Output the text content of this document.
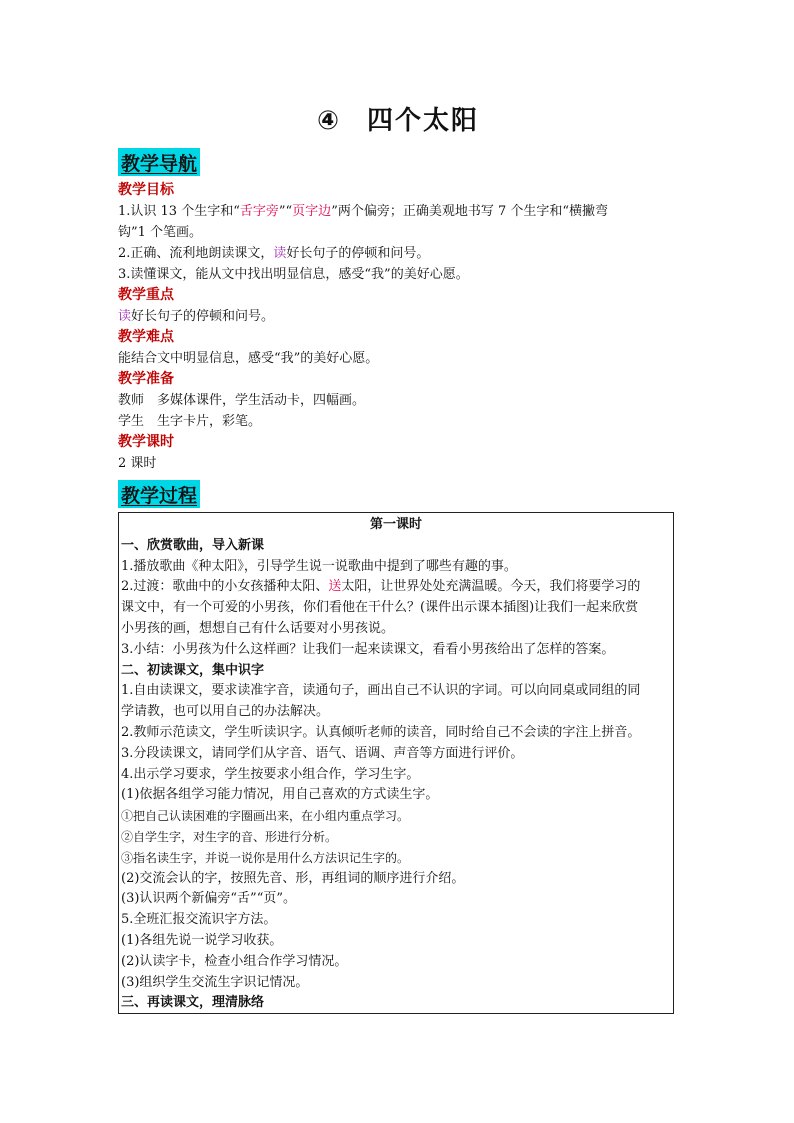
④ 四个太阳
教学导航

教学目标

1.认识 13 个生字和“舌字旁”“页字边”两个偏旁；正确美观地书写 7 个生字和“横撇弯

钩”1 个笔画。

2.正确、流利地朗读课文，读好长句子的停顿和问号。

3.读懂课文，能从文中找出明显信息，感受“我”的美好心愿。

教学重点

读好长句子的停顿和问号。

教学难点

能结合文中明显信息，感受“我”的美好心愿。

教学准备

教师　多媒体课件，学生活动卡，四幅画。

学生　生字卡片，彩笔。

教学课时

2 课时

教学过程

第一课时

一、欣赏歌曲，导入新课

1.播放歌曲《种太阳》，引导学生说一说歌曲中提到了哪些有趣的事。

2.过渡：歌曲中的小女孩播种太阳、送太阳，让世界处处充满温暖。今天，我们将要学习的

课文中，有一个可爱的小男孩，你们看他在干什么？(课件出示课本插图)让我们一起来欣赏

小男孩的画，想想自己有什么话要对小男孩说。

3.小结：小男孩为什么这样画？让我们一起来读课文，看看小男孩给出了怎样的答案。

二、初读课文，集中识字

1.自由读课文，要求读准字音，读通句子，画出自己不认识的字词。可以向同桌或同组的同

学请教，也可以用自己的办法解决。

2.教师示范读文，学生听读识字。认真倾听老师的读音，同时给自己不会读的字注上拼音。

3.分段读课文，请同学们从字音、语气、语调、声音等方面进行评价。

4.出示学习要求，学生按要求小组合作，学习生字。

(1)依据各组学习能力情况，用自己喜欢的方式读生字。

①把自己认读困难的字圈画出来，在小组内重点学习。

②自学生字，对生字的音、形进行分析。

③指名读生字，并说一说你是用什么方法识记生字的。

(2)交流会认的字，按照先音、形，再组词的顺序进行介绍。

(3)认识两个新偏旁“舌”“页”。

5.全班汇报交流识字方法。

(1)各组先说一说学习收获。

(2)认读字卡，检查小组合作学习情况。

(3)组织学生交流生字识记情况。

三、再读课文，理清脉络
